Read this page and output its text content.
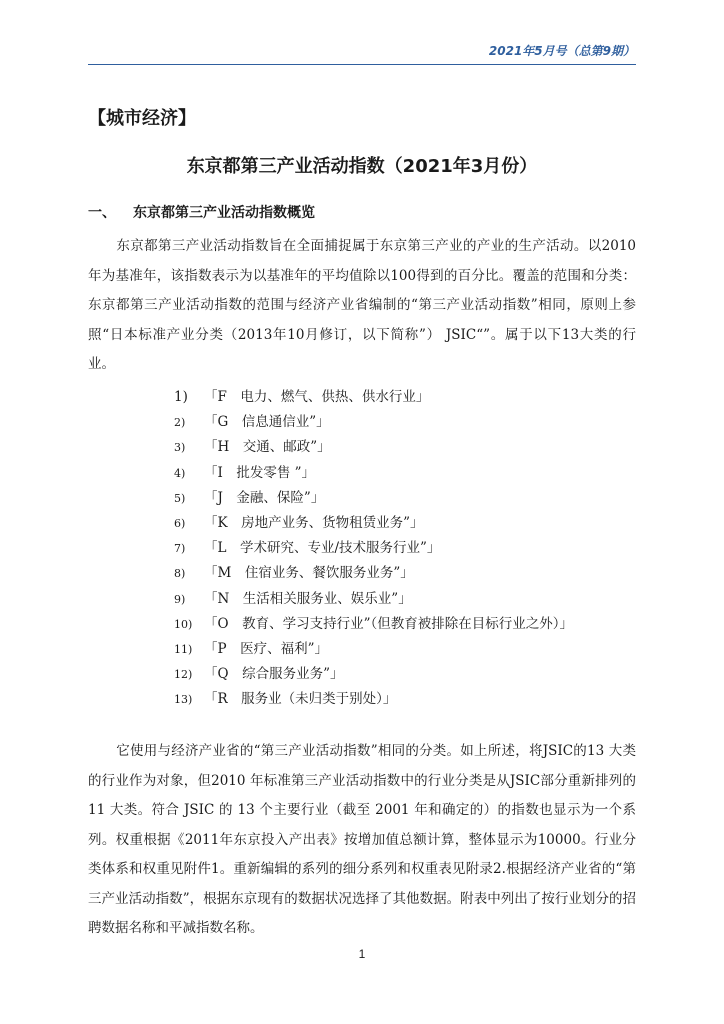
2021年5月号（总第9期）
【城市经济】
东京都第三产业活动指数（2021年3月份）
一、 东京都第三产业活动指数概览

东京都第三产业活动指数旨在全面捕捉属于东京第三产业的产业的生产活动。以2010年为基准年，该指数表示为以基准年的平均值除以100得到的百分比。覆盖的范围和分类： 东京都第三产业活动指数的范围与经济产业省编制的“第三产业活动指数”相同，原则上参照“日本标准产业分类（2013年10月修订，以下简称”） JSIC“”。属于以下13大类的行业。

1) 「F　电力、燃气、供热、供水行业」
2) 「G　信息通信业”」
3) 「H　交通、邮政”」
4) 「I　批发零售 ”」
5) 「J　金融、保险”」
6) 「K　房地产业务、货物租赁业务”」
7) 「L　学术研究、专业/技术服务行业”」
8) 「M　住宿业务、餐饮服务业务”」
9) 「N　生活相关服务业、娱乐业”」
10) 「O　教育、学习支持行业”（但教育被排除在目标行业之外）」
11) 「P　医疗、福利”」
12) 「Q　综合服务业务”」
13) 「R　服务业（未归类于别处）」

它使用与经济产业省的“第三产业活动指数”相同的分类。如上所述，将JSIC的13 大类的行业作为对象，但2010 年标准第三产业活动指数中的行业分类是从JSIC部分重新排列的11 大类。符合 JSIC 的 13 个主要行业（截至 2001 年和确定的）的指数也显示为一个系列。权重根据《2011年东京投入产出表》按增加值总额计算，整体显示为10000。行业分类体系和权重见附件1。重新编辑的系列的细分系列和权重表见附录2.根据经济产业省的“第三产业活动指数”，根据东京现有的数据状况选择了其他数据。附表中列出了按行业划分的招聘数据名称和平减指数名称。

1
